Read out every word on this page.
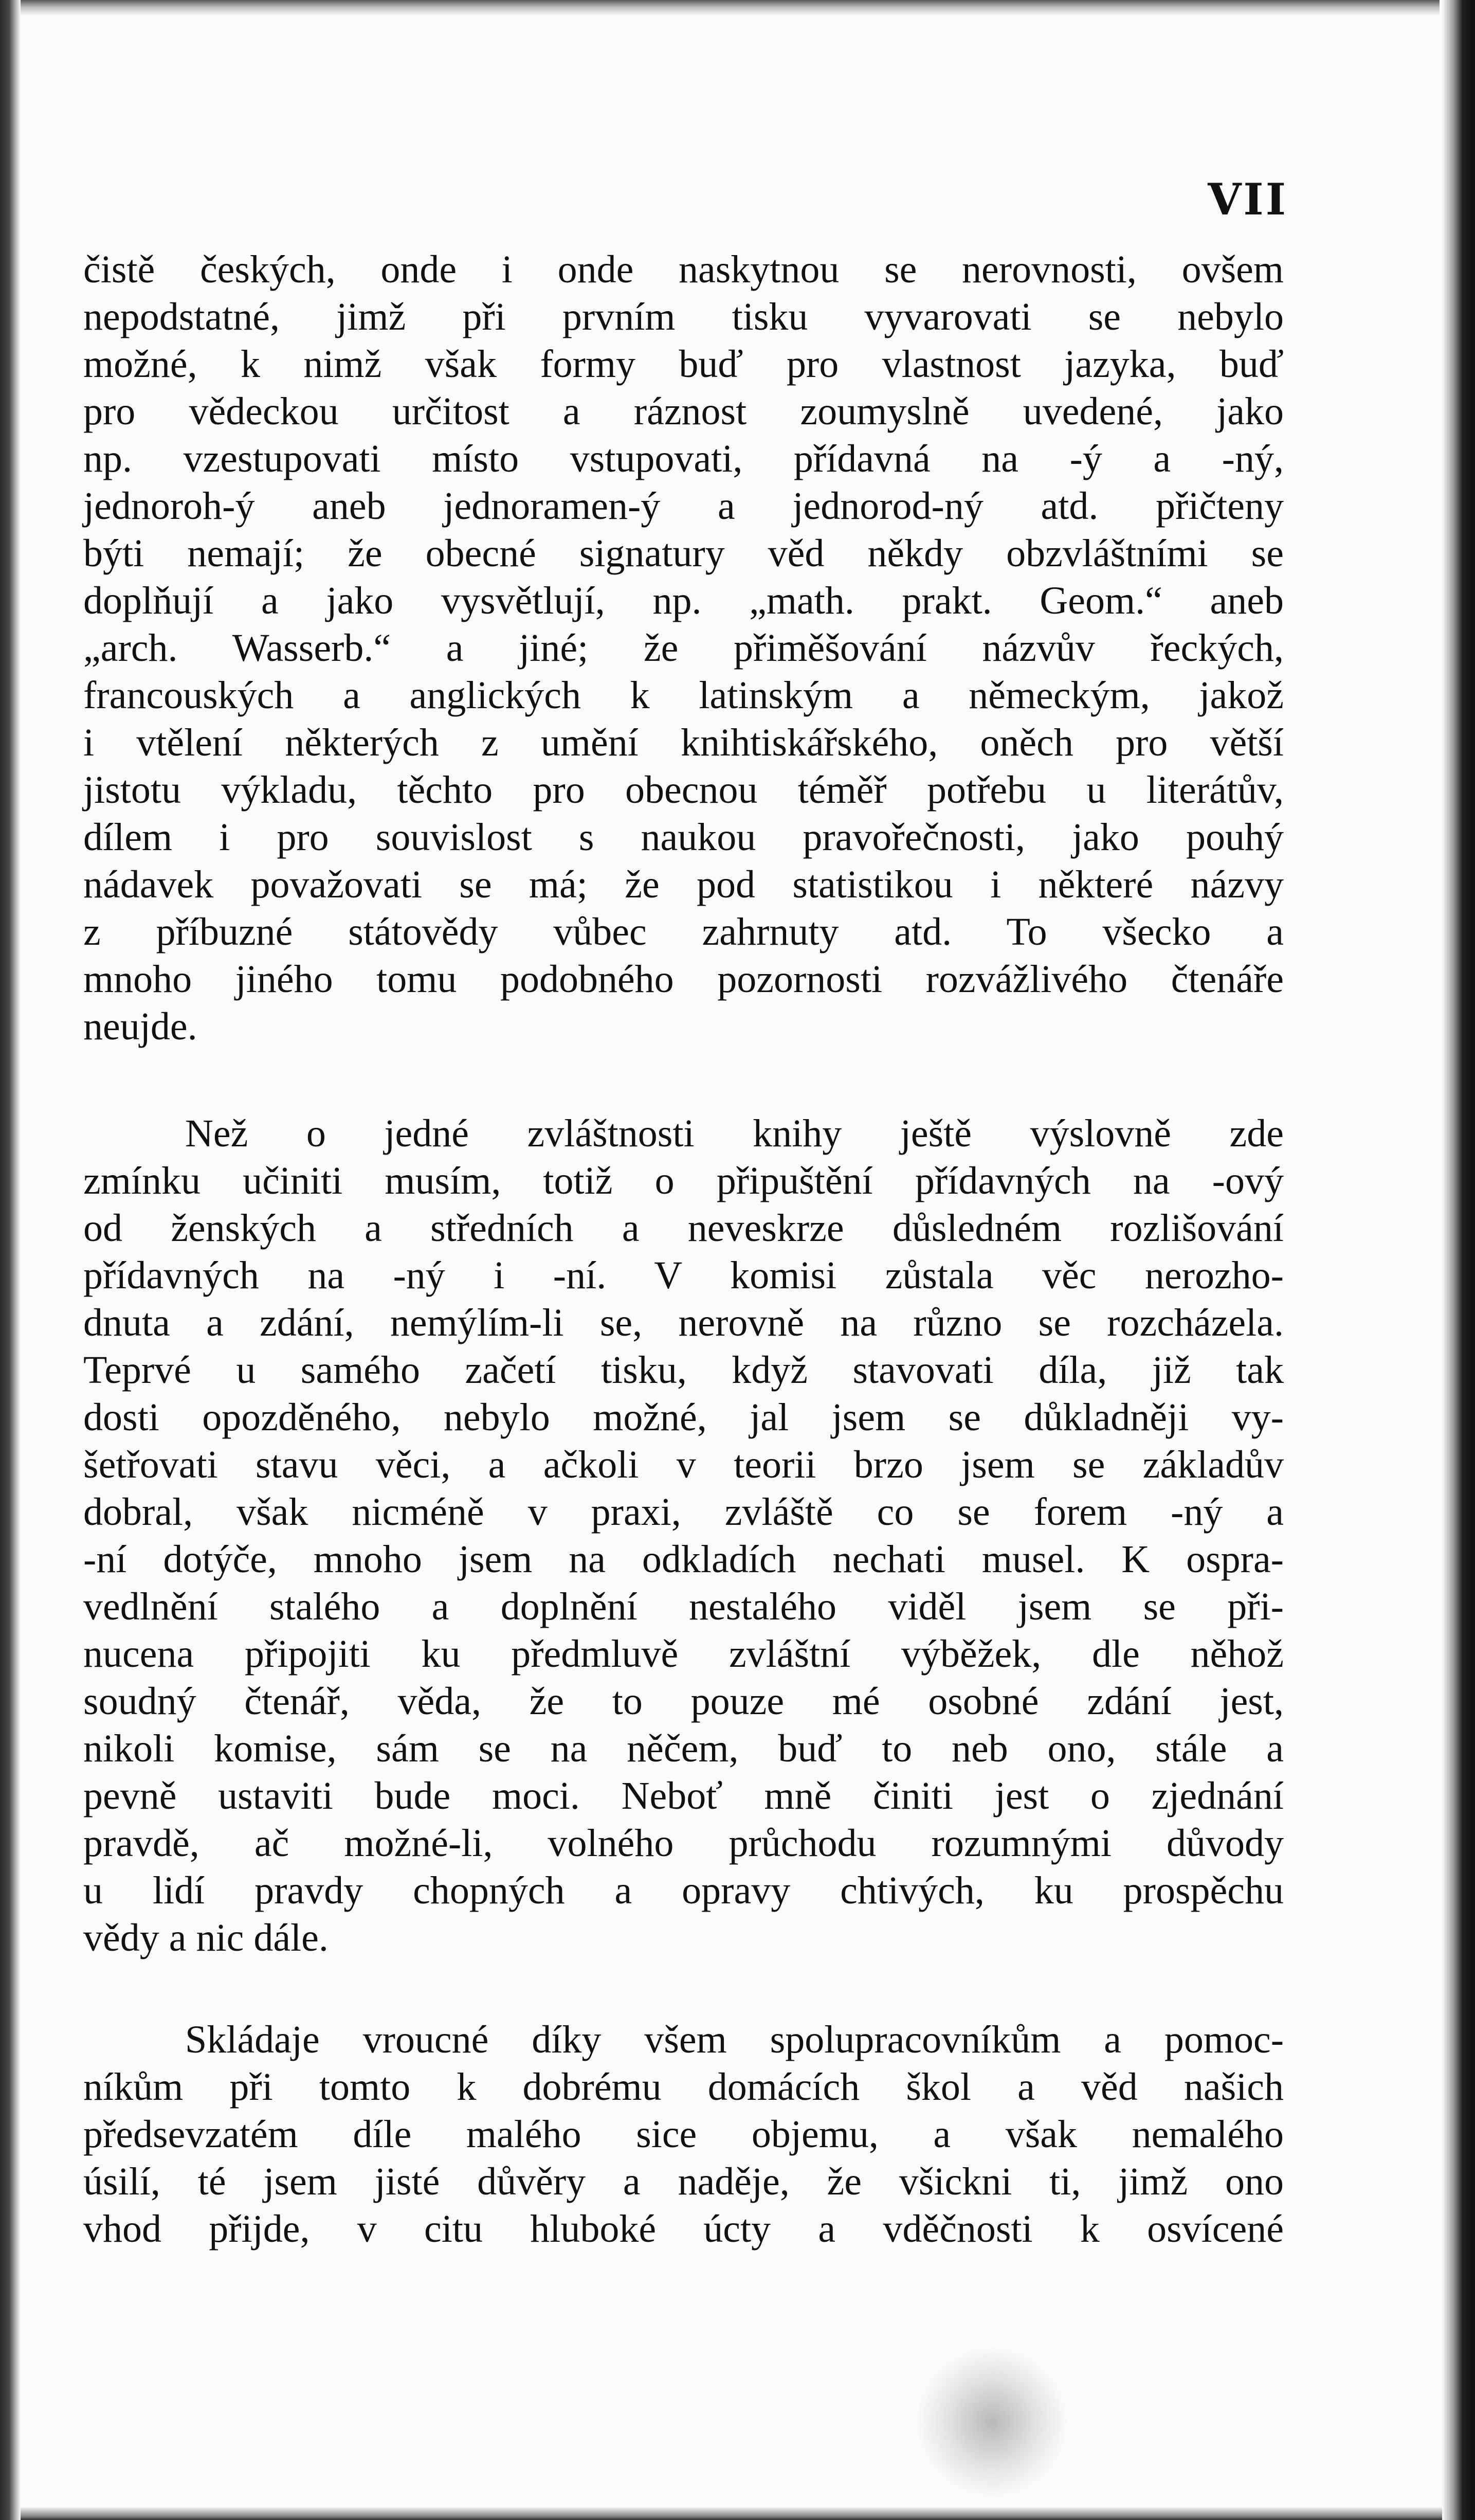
VII
čistě českých, onde i onde naskytnou se nerovnosti, ovšem
nepodstatné, jimž při prvním tisku vyvarovati se nebylo
možné, k nimž však formy buď pro vlastnost jazyka, buď
pro vědeckou určitost a ráznost zoumyslně uvedené, jako
np. vzestupovati místo vstupovati, přídavná na -ý a -ný,
jednoroh-ý aneb jednoramen-ý a jednorod-ný atd. přičteny
býti nemají; že obecné signatury věd někdy obzvláštními se
doplňují a jako vysvětlují, np. „math. prakt. Geom.“ aneb
„arch. Wasserb.“ a jiné; že přiměšování názvův řeckých,
francouských a anglických k latinským a německým, jakož
i vtělení některých z umění knihtiskářského, oněch pro větší
jistotu výkladu, těchto pro obecnou téměř potřebu u literátův,
dílem i pro souvislost s naukou pravořečnosti, jako pouhý
nádavek považovati se má; že pod statistikou i některé názvy
z příbuzné státovědy vůbec zahrnuty atd. To všecko a
mnoho jiného tomu podobného pozornosti rozvážlivého čtenáře
neujde.
Než o jedné zvláštnosti knihy ještě výslovně zde
zmínku učiniti musím, totiž o připuštění přídavných na -ový
od ženských a středních a neveskrze důsledném rozlišování
přídavných na -ný i -ní. V komisi zůstala věc nerozho-
dnuta a zdání, nemýlím-li se, nerovně na různo se rozcházela.
Teprvé u samého začetí tisku, když stavovati díla, již tak
dosti opozděného, nebylo možné, jal jsem se důkladněji vy-
šetřovati stavu věci, a ačkoli v teorii brzo jsem se základův
dobral, však nicméně v praxi, zvláště co se forem -ný a
-ní dotýče, mnoho jsem na odkladích nechati musel. K ospra-
vedlnění stalého a doplnění nestalého viděl jsem se při-
nucena připojiti ku předmluvě zvláštní výběžek, dle něhož
soudný čtenář, věda, že to pouze mé osobné zdání jest,
nikoli komise, sám se na něčem, buď to neb ono, stále a
pevně ustaviti bude moci. Neboť mně činiti jest o zjednání
pravdě, ač možné-li, volného průchodu rozumnými důvody
u lidí pravdy chopných a opravy chtivých, ku prospěchu
vědy a nic dále.
Skládaje vroucné díky všem spolupracovníkům a pomoc-
níkům při tomto k dobrému domácích škol a věd našich
předsevzatém díle malého sice objemu, a však nemalého
úsilí, té jsem jisté důvěry a naděje, že všickni ti, jimž ono
vhod přijde, v citu hluboké úcty a vděčnosti k osvícené
